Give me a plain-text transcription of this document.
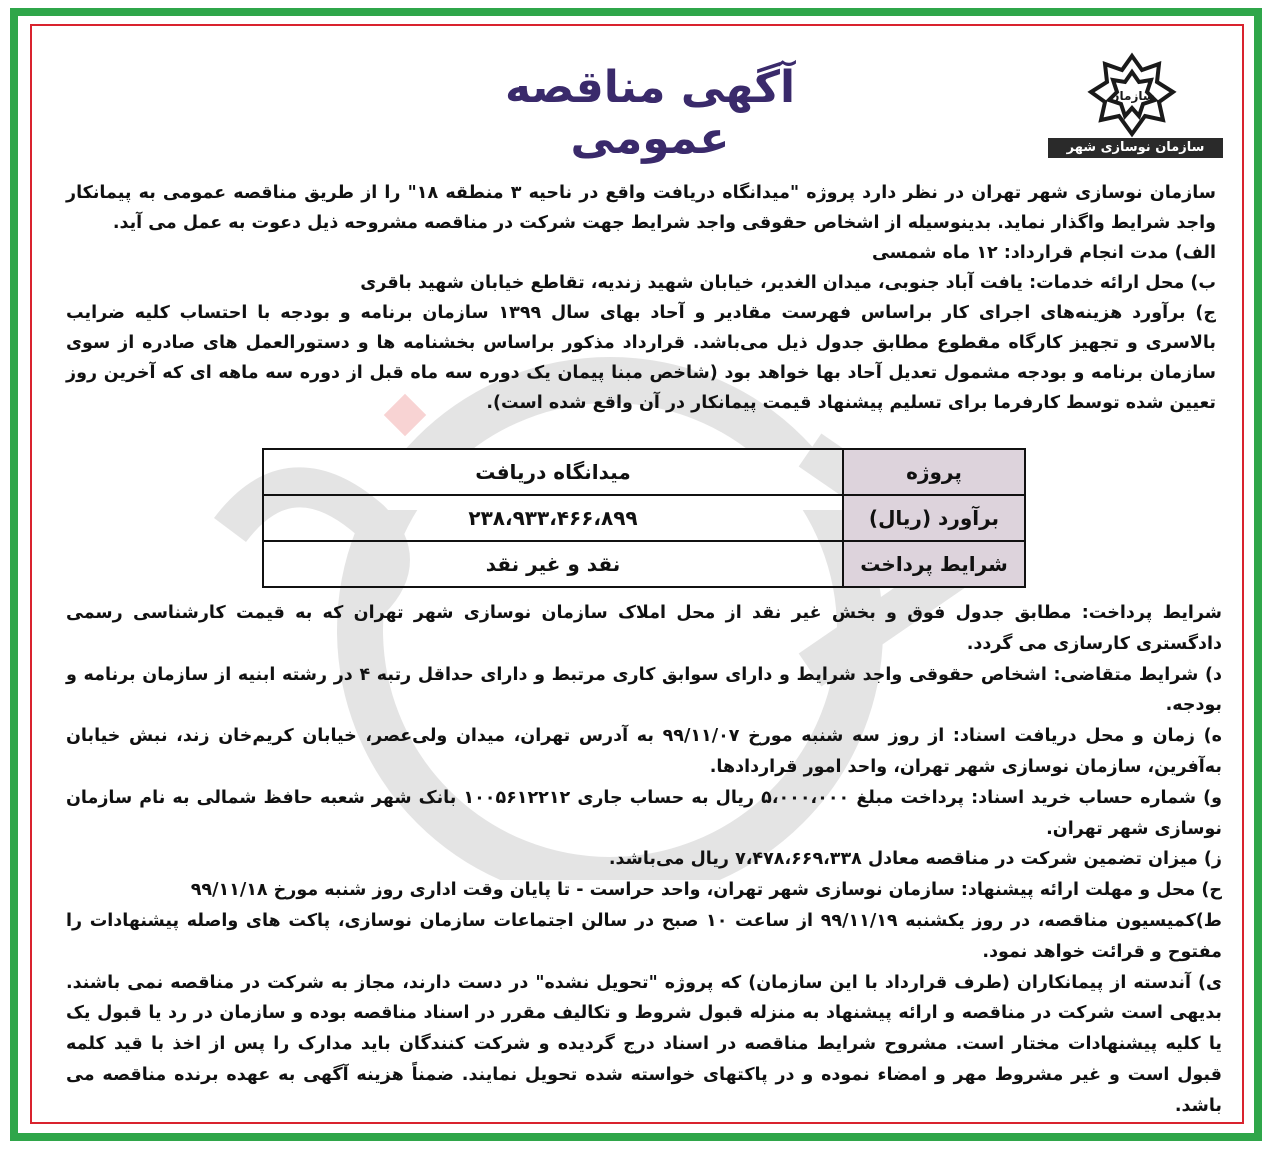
آگهی مناقصه عمومی
سازمان
سازمان نوسازی شهر تهران

سازمان نوسازی شهر تهران در نظر دارد پروژه "میدانگاه دریافت واقع در ناحیه ۳ منطقه ۱۸" را از طریق مناقصه عمومی به پیمانکار واجد شرایط واگذار نماید. بدینوسیله از اشخاص حقوقی واجد شرایط جهت شرکت در مناقصه مشروحه ذیل دعوت به عمل می آید.

الف) مدت انجام قرارداد: ۱۲ ماه شمسی

ب) محل ارائه خدمات: یافت آباد جنوبی، میدان الغدیر، خیابان شهید زندیه، تقاطع خیابان شهید باقری

ج) برآورد هزینه‌های اجرای کار براساس فهرست مقادیر و آحاد بهای سال ۱۳۹۹ سازمان برنامه و بودجه با احتساب کلیه ضرایب بالاسری و تجهیز کارگاه مقطوع مطابق جدول ذیل می‌باشد. قرارداد مذکور براساس بخشنامه ها و دستورالعمل های صادره از سوی سازمان برنامه و بودجه مشمول تعدیل آحاد بها خواهد بود (شاخص مبنا پیمان یک دوره سه ماه قبل از دوره سه ماهه ای که آخرین روز تعیین شده توسط کارفرما برای تسلیم پیشنهاد قیمت پیمانکار در آن واقع شده است).

پروژه	میدانگاه دریافت
برآورد (ریال)	۲۳۸،۹۳۳،۴۶۶،۸۹۹
شرایط پرداخت	نقد و غیر نقد

شرایط پرداخت: مطابق جدول فوق و بخش غیر نقد از محل املاک سازمان نوسازی شهر تهران که به قیمت کارشناسی رسمی دادگستری کارسازی می گردد.

د) شرایط متقاضی: اشخاص حقوقی واجد شرایط و دارای سوابق کاری مرتبط و دارای حداقل رتبه ۴ در رشته ابنیه از سازمان برنامه و بودجه.

ه) زمان و محل دریافت اسناد: از روز سه شنبه مورخ ۹۹/۱۱/۰۷ به آدرس تهران، میدان ولی‌عصر، خیابان کریم‌خان زند، نبش خیابان به‌آفرین، سازمان نوسازی شهر تهران، واحد امور قراردادها.

و) شماره حساب خرید اسناد: پرداخت مبلغ ۵،۰۰۰،۰۰۰ ریال به حساب جاری ۱۰۰۵۶۱۲۲۱۲ بانک شهر شعبه حافظ شمالی به نام سازمان نوسازی شهر تهران.

ز) میزان تضمین شرکت در مناقصه معادل ۷،۴۷۸،۶۶۹،۳۳۸ ریال می‌باشد.

ح) محل و مهلت ارائه پیشنهاد: سازمان نوسازی شهر تهران، واحد حراست - تا پایان وقت اداری روز شنبه مورخ ۹۹/۱۱/۱۸

ط)کمیسیون مناقصه، در روز یکشنبه ۹۹/۱۱/۱۹ از ساعت ۱۰ صبح در سالن اجتماعات سازمان نوسازی، پاکت های واصله پیشنهادات را مفتوح و قرائت خواهد نمود.

ی) آندسته از پیمانکاران (طرف قرارداد با این سازمان) که پروژه "تحویل نشده" در دست دارند، مجاز به شرکت در مناقصه نمی باشند. بدیهی است شرکت در مناقصه و ارائه پیشنهاد به منزله قبول شروط و تکالیف مقرر در اسناد مناقصه بوده و سازمان در رد یا قبول یک یا کلیه پیشنهادات مختار است. مشروح شرایط مناقصه در اسناد درج گردیده و شرکت کنندگان باید مدارک را پس از اخذ با قید کلمه قبول است و غیر مشروط مهر و امضاء نموده و در پاکتهای خواسته شده تحویل نمایند. ضمناً هزینه آگهی به عهده برنده مناقصه می باشد.
